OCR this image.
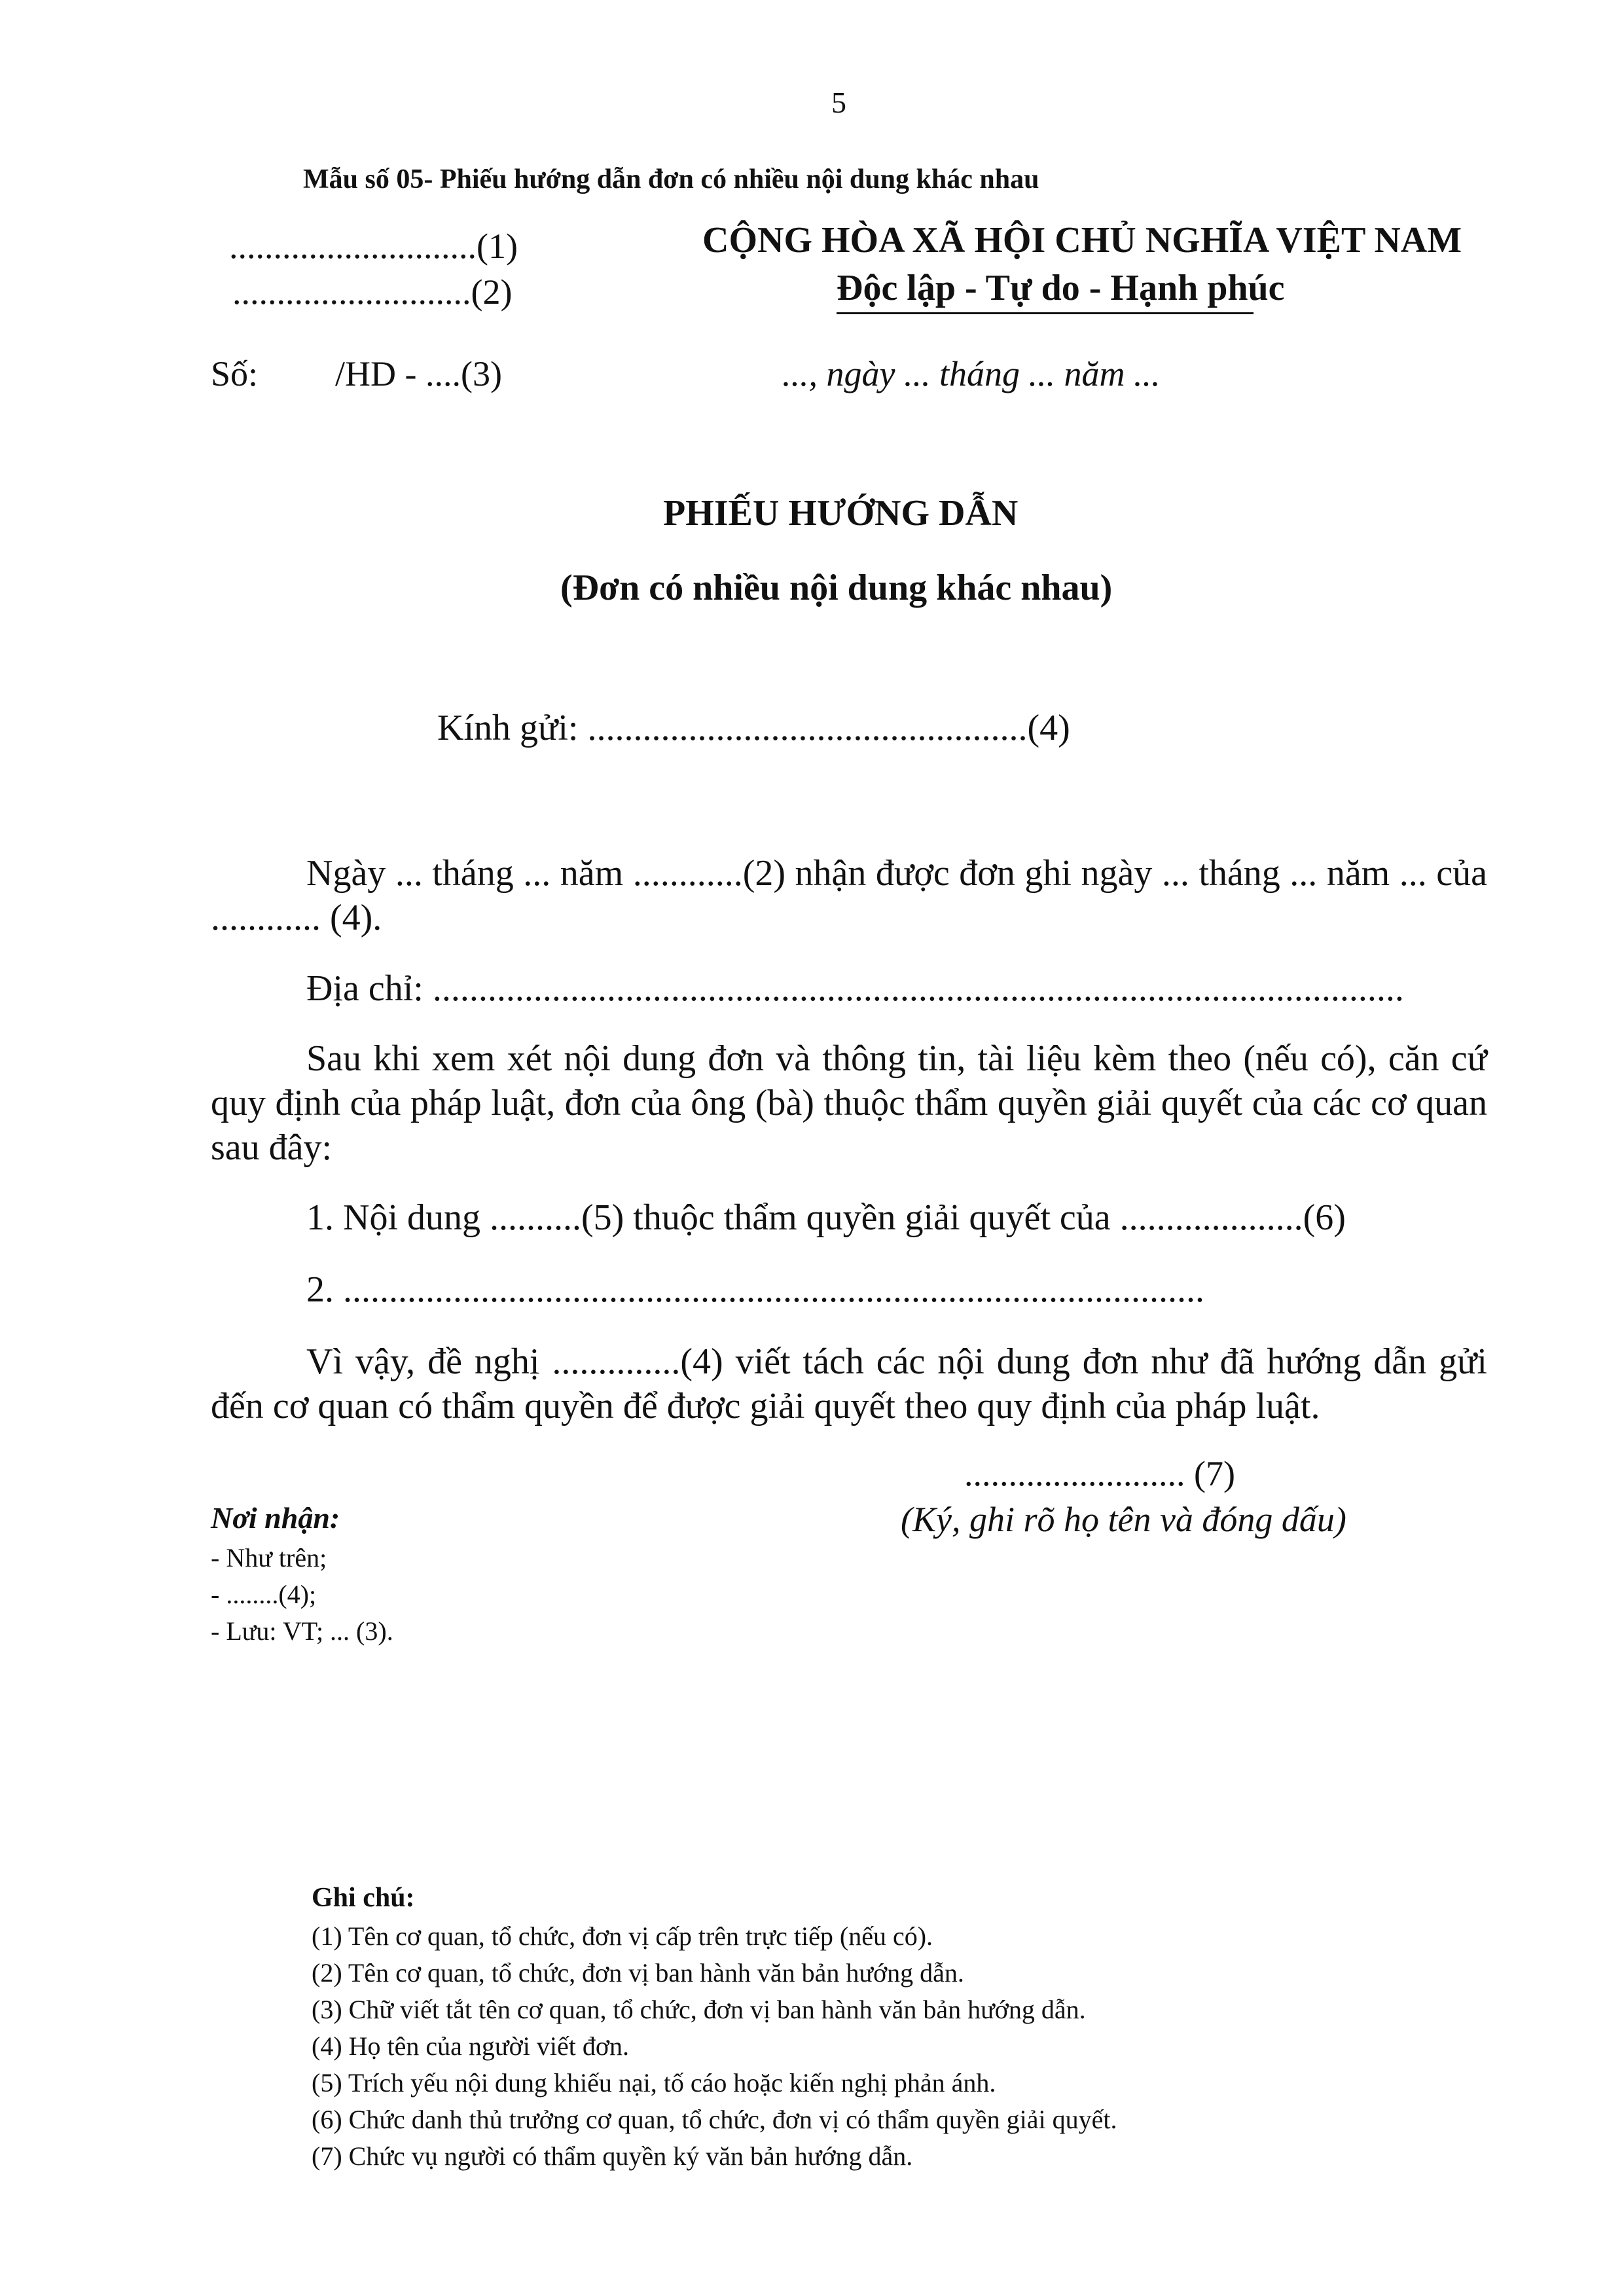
5
Mẫu số 05- Phiếu hướng dẫn đơn có nhiều nội dung khác nhau
............................(1)
...........................(2)
CỘNG HÒA XÃ HỘI CHỦ NGHĨA VIỆT NAM
Độc lập - Tự do - Hạnh phúc
Số: /HD - ....(3)	..., ngày ... tháng ... năm ...
PHIẾU HƯỚNG DẪN
(Đơn có nhiều nội dung khác nhau)
Kính gửi: ................................................(4)
Ngày ... tháng ... năm ............(2) nhận được đơn ghi ngày ... tháng ... năm ... của ............ (4).
Địa chỉ: ..........................................................................................................
Sau khi xem xét nội dung đơn và thông tin, tài liệu kèm theo (nếu có), căn cứ quy định của pháp luật, đơn của ông (bà) thuộc thẩm quyền giải quyết của các cơ quan sau đây:
1. Nội dung ..........(5) thuộc thẩm quyền giải quyết của ....................(6)
2. ..............................................................................................
Vì vậy, đề nghị ..............(4) viết tách các nội dung đơn như đã hướng dẫn gửi đến cơ quan có thẩm quyền để được giải quyết theo quy định của pháp luật.
......................... (7)
(Ký, ghi rõ họ tên và đóng dấu)
Nơi nhận:
- Như trên;
- ........(4);
- Lưu: VT; ... (3).
Ghi chú:
(1) Tên cơ quan, tổ chức, đơn vị cấp trên trực tiếp (nếu có).
(2) Tên cơ quan, tổ chức, đơn vị ban hành văn bản hướng dẫn.
(3) Chữ viết tắt tên cơ quan, tổ chức, đơn vị ban hành văn bản hướng dẫn.
(4) Họ tên của người viết đơn.
(5) Trích yếu nội dung khiếu nại, tố cáo hoặc kiến nghị phản ánh.
(6) Chức danh thủ trưởng cơ quan, tổ chức, đơn vị có thẩm quyền giải quyết.
(7) Chức vụ người có thẩm quyền ký văn bản hướng dẫn.
